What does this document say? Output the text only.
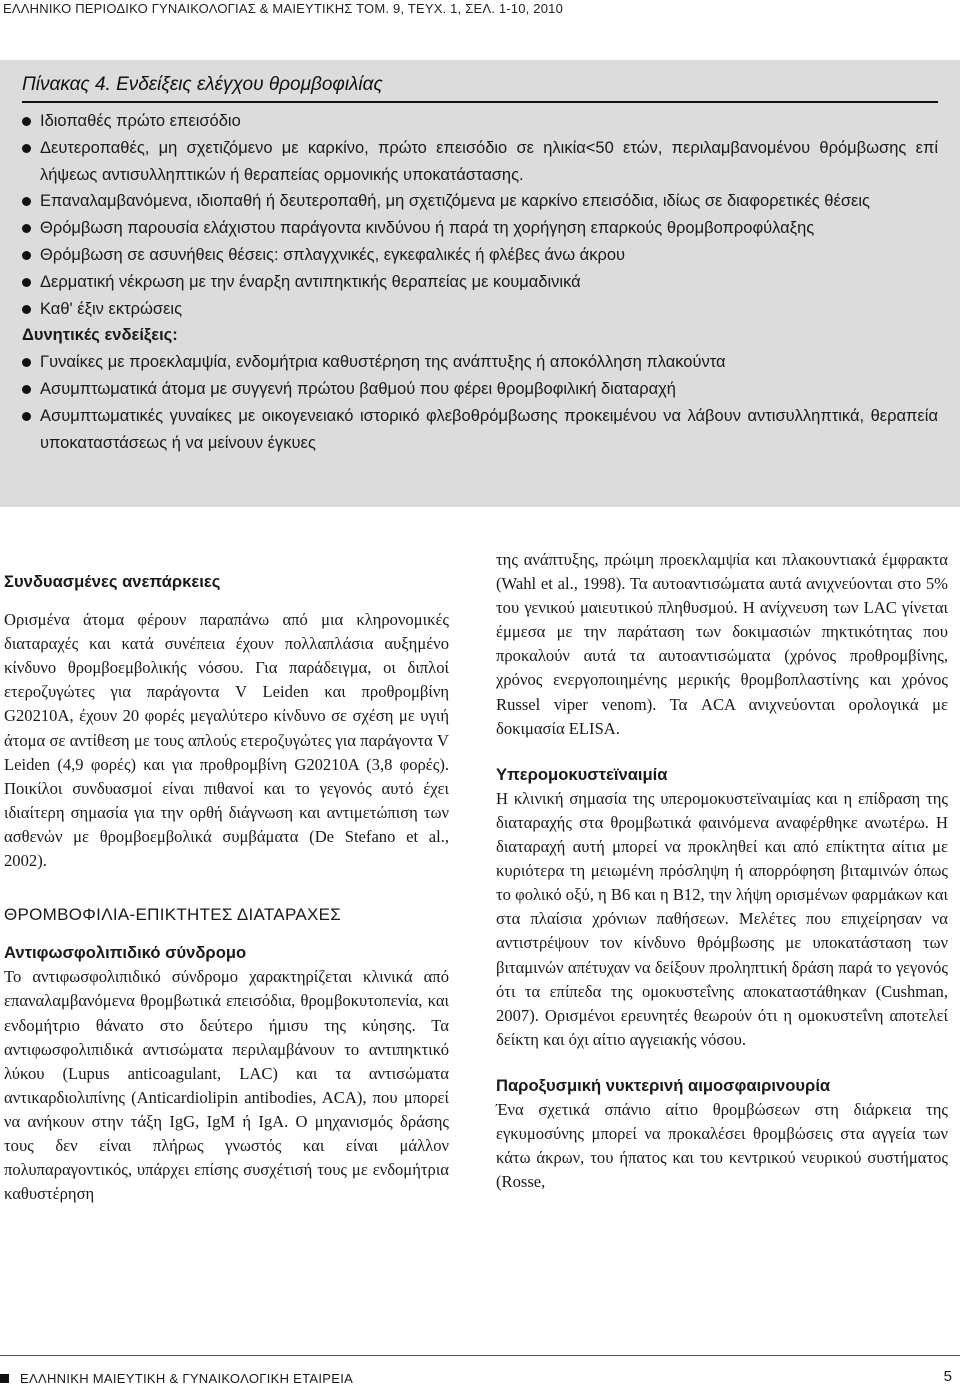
ΕΛΛΗΝΙΚΟ ΠΕΡΙΟΔΙΚΟ ΓΥΝΑΙΚΟΛΟΓΙΑΣ & ΜΑΙΕΥΤΙΚΗΣ ΤΟΜ. 9, ΤΕΥΧ. 1, ΣΕΛ. 1-10, 2010
Πίνακας 4. Ενδείξεις ελέγχου θρομβοφιλίας
Ιδιοπαθές πρώτο επεισόδιο
Δευτεροπαθές, μη σχετιζόμενο με καρκίνο, πρώτο επεισόδιο σε ηλικία<50 ετών, περιλαμβανομένου θρόμβωσης επί λήψεως αντισυλληπτικών ή θεραπείας ορμονικής υποκατάστασης.
Επαναλαμβανόμενα, ιδιοπαθή ή δευτεροπαθή, μη σχετιζόμενα με καρκίνο επεισόδια, ιδίως σε διαφορετικές θέσεις
Θρόμβωση παρουσία ελάχιστου παράγοντα κινδύνου ή παρά τη χορήγηση επαρκούς θρομβοπροφύλαξης
Θρόμβωση σε ασυνήθεις θέσεις: σπλαγχνικές, εγκεφαλικές ή φλέβες άνω άκρου
Δερματική νέκρωση με την έναρξη αντιπηκτικής θεραπείας με κουμαδινικά
Καθ' έξιν εκτρώσεις
Δυνητικές ενδείξεις:
Γυναίκες με προεκλαμψία, ενδομήτρια καθυστέρηση της ανάπτυξης ή αποκόλληση πλακούντα
Ασυμπτωματικά άτομα με συγγενή πρώτου βαθμού που φέρει θρομβοφιλική διαταραχή
Ασυμπτωματικές γυναίκες με οικογενειακό ιστορικό φλεβοθρόμβωσης προκειμένου να λάβουν αντισυλληπτικά, θεραπεία υποκαταστάσεως ή να μείνουν έγκυες

Συνδυασμένες ανεπάρκειες

Ορισμένα άτομα φέρουν παραπάνω από μια κληρονομικές διαταραχές και κατά συνέπεια έχουν πολλαπλάσια αυξημένο κίνδυνο θρομβοεμβολικής νόσου. Για παράδειγμα, οι διπλοί ετεροζυγώτες για παράγοντα V Leiden και προθρομβίνη G20210A, έχουν 20 φορές μεγαλύτερο κίνδυνο σε σχέση με υγιή άτομα σε αντίθεση με τους απλούς ετεροζυγώτες για παράγοντα V Leiden (4,9 φορές) και για προθρομβίνη G20210A (3,8 φορές). Ποικίλοι συνδυασμοί είναι πιθανοί και το γεγονός αυτό έχει ιδιαίτερη σημασία για την ορθή διάγνωση και αντιμετώπιση των ασθενών με θρομβοεμβολικά συμβάματα (De Stefano et al., 2002).

ΘΡΟΜΒΟΦΙΛΙΑ-ΕΠΙΚΤΗΤΕΣ ΔΙΑΤΑΡΑΧΕΣ

Αντιφωσφολιπιδικό σύνδρομο

Το αντιφωσφολιπιδικό σύνδρομο χαρακτηρίζεται κλινικά από επαναλαμβανόμενα θρομβωτικά επεισόδια, θρομβοκυτοπενία, και ενδομήτριο θάνατο στο δεύτερο ήμισυ της κύησης. Τα αντιφωσφολιπιδικά αντισώματα περιλαμβάνουν το αντιπηκτικό λύκου (Lupus anticoagulant, LAC) και τα αντισώματα αντικαρδιολιπίνης (Anticardiolipin antibodies, ACA), που μπορεί να ανήκουν στην τάξη IgG, IgM ή IgA. Ο μηχανισμός δράσης τους δεν είναι πλήρως γνωστός και είναι μάλλον πολυπαραγοντικός, υπάρχει επίσης συσχέτισή τους με ενδομήτρια καθυστέρηση

της ανάπτυξης, πρώιμη προεκλαμψία και πλακουντιακά έμφρακτα (Wahl et al., 1998). Τα αυτοαντισώματα αυτά ανιχνεύονται στο 5% του γενικού μαιευτικού πληθυσμού. Η ανίχνευση των LAC γίνεται έμμεσα με την παράταση των δοκιμασιών πηκτικότητας που προκαλούν αυτά τα αυτοαντισώματα (χρόνος προθρομβίνης, χρόνος ενεργοποιημένης μερικής θρομβοπλαστίνης και χρόνος Russel viper venom). Τα ACA ανιχνεύονται ορολογικά με δοκιμασία ELISA.

Υπερομοκυστεϊναιμία

Η κλινική σημασία της υπερομοκυστεϊναιμίας και η επίδραση της διαταραχής στα θρομβωτικά φαινόμενα αναφέρθηκε ανωτέρω. Η διαταραχή αυτή μπορεί να προκληθεί και από επίκτητα αίτια με κυριότερα τη μειωμένη πρόσληψη ή απορρόφηση βιταμινών όπως το φολικό οξύ, η B6 και η B12, την λήψη ορισμένων φαρμάκων και στα πλαίσια χρόνιων παθήσεων. Μελέτες που επιχείρησαν να αντιστρέψουν τον κίνδυνο θρόμβωσης με υποκατάσταση των βιταμινών απέτυχαν να δείξουν προληπτική δράση παρά το γεγονός ότι τα επίπεδα της ομοκυστεΐνης αποκαταστάθηκαν (Cushman, 2007). Ορισμένοι ερευνητές θεωρούν ότι η ομοκυστεΐνη αποτελεί δείκτη και όχι αίτιο αγγειακής νόσου.

Παροξυσμική νυκτερινή αιμοσφαιρινουρία

Ένα σχετικά σπάνιο αίτιο θρομβώσεων στη διάρκεια της εγκυμοσύνης μπορεί να προκαλέσει θρομβώσεις στα αγγεία των κάτω άκρων, του ήπατος και του κεντρικού νευρικού συστήματος (Rosse,

ΕΛΛΗΝΙΚΗ ΜΑΙΕΥΤΙΚΗ & ΓΥΝΑΙΚΟΛΟΓΙΚΗ ΕΤΑΙΡΕΙΑ	5
